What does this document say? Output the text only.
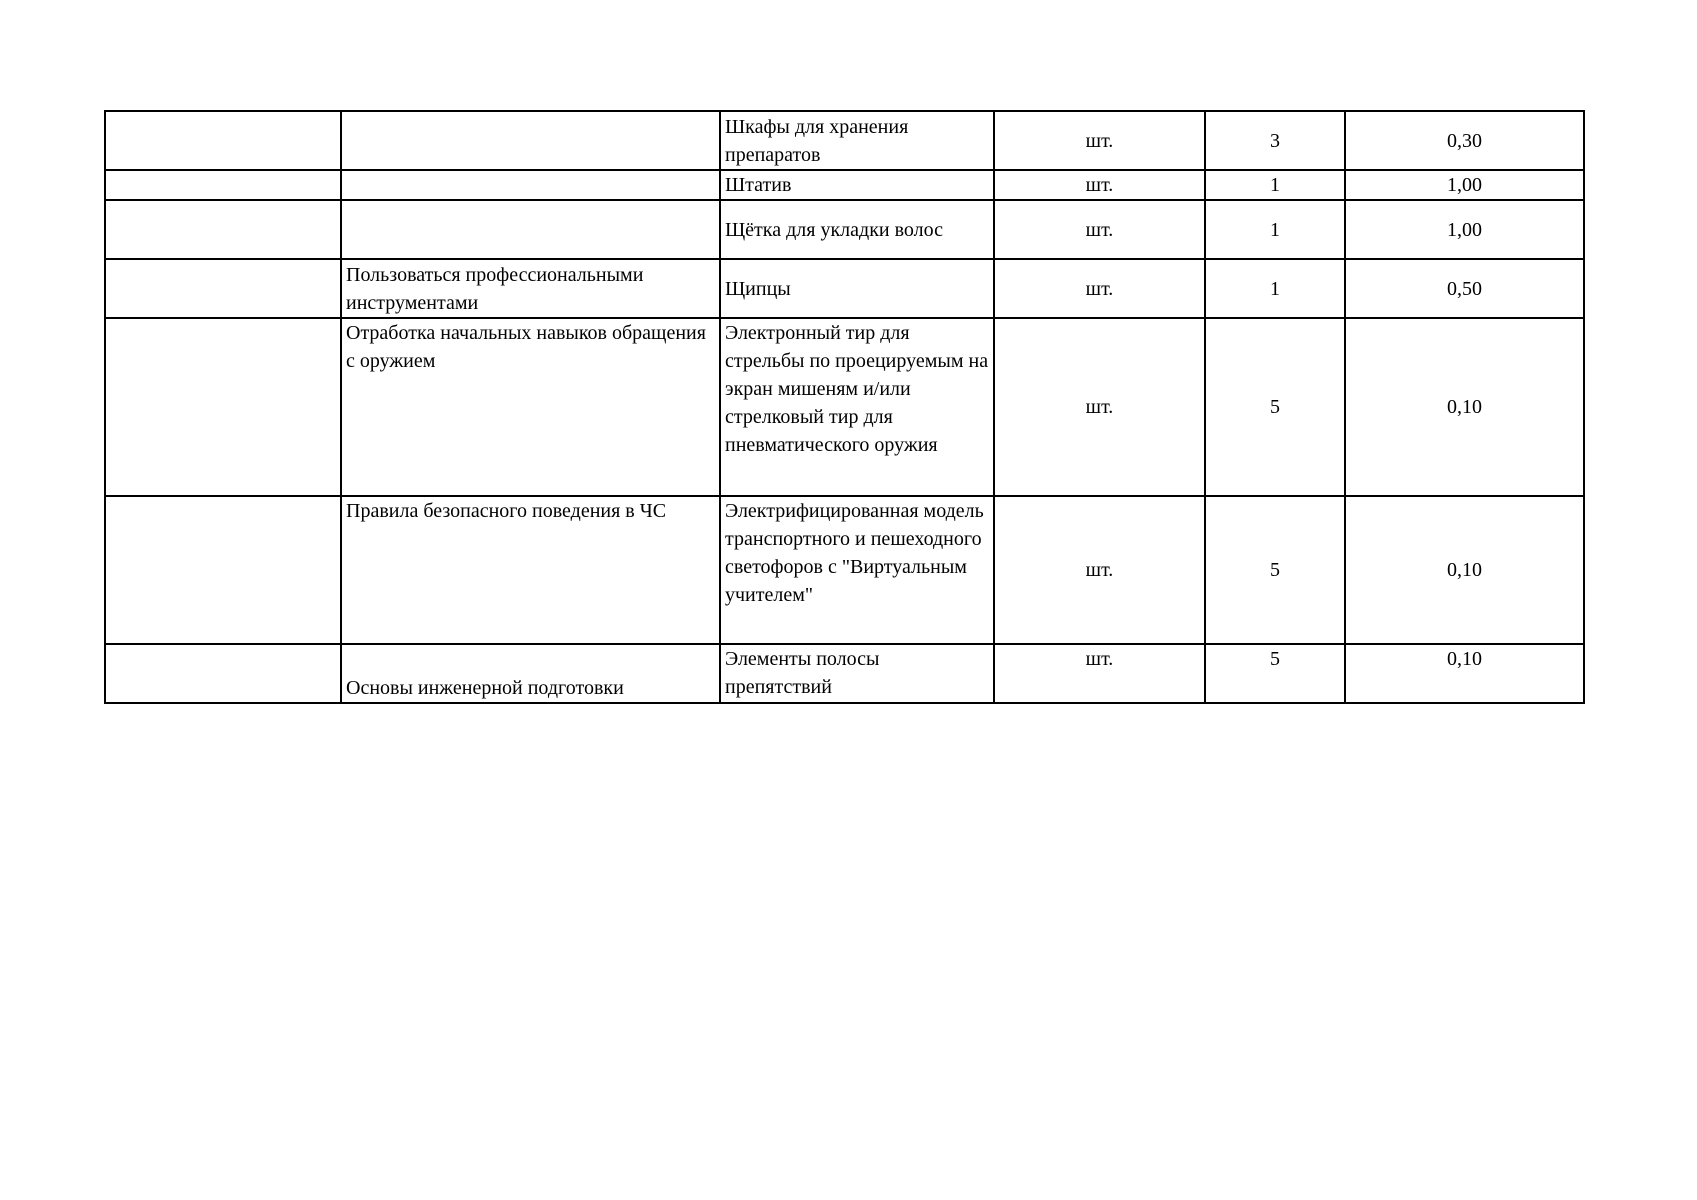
		Шкафы для хранения препаратов	шт.	3	0,30
		Штатив	шт.	1	1,00
		Щётка для укладки волос	шт.	1	1,00
	Пользоваться профессиональными инструментами	Щипцы	шт.	1	0,50
	Отработка начальных навыков обращения с оружием	Электронный тир для стрельбы по проецируемым на экран мишеням и/или стрелковый тир для пневматического оружия	шт.	5	0,10
	Правила безопасного поведения в ЧС	Электрифицированная модель транспортного и пешеходного светофоров с "Виртуальным учителем"	шт.	5	0,10
	Основы инженерной подготовки	Элементы полосы препятствий	шт.	5	0,10
